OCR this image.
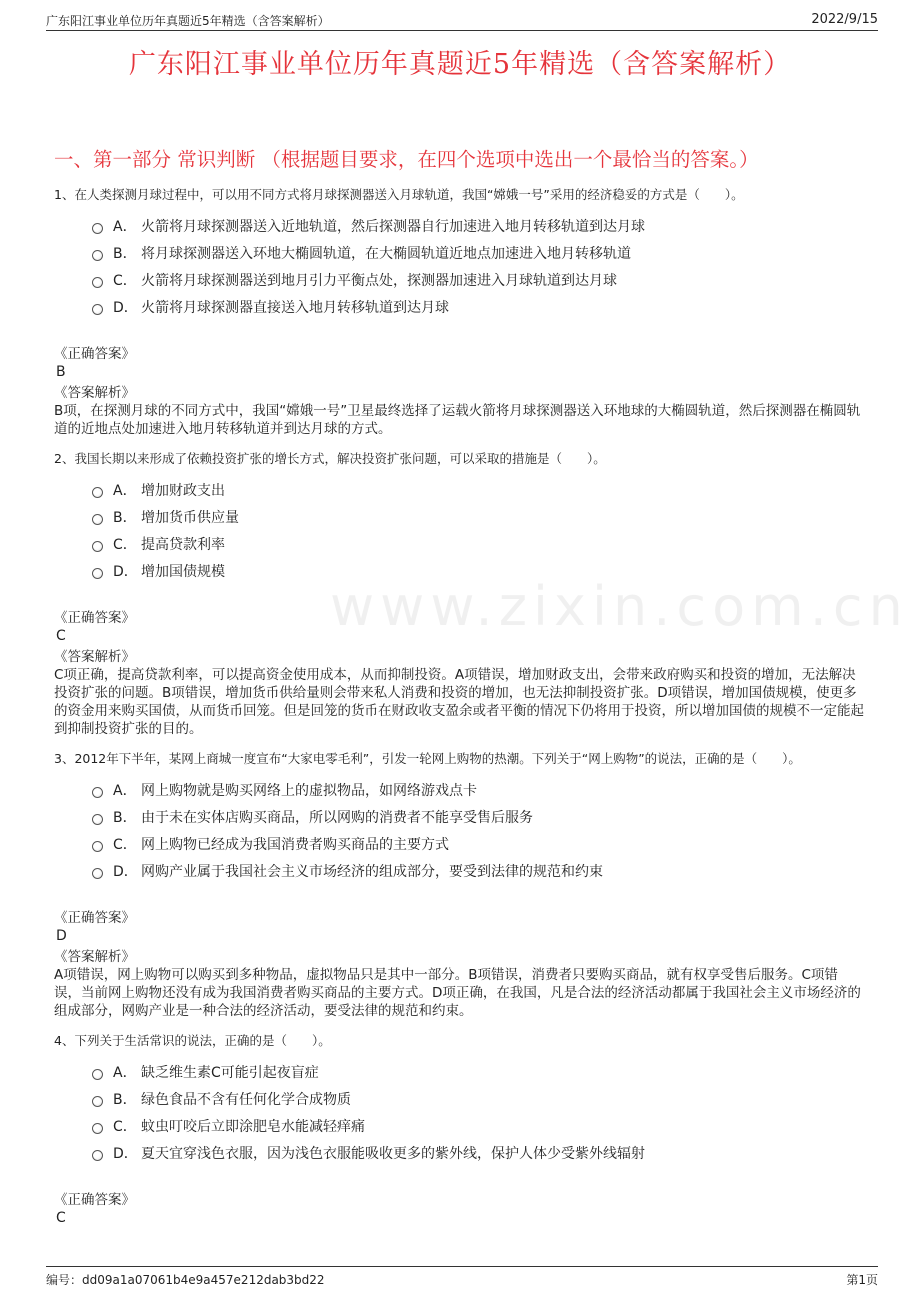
广东阳江事业单位历年真题近5年精选（含答案解析）	2022/9/15
广东阳江事业单位历年真题近5年精选（含答案解析）
一、第一部分 常识判断 （根据题目要求，在四个选项中选出一个最恰当的答案。）
www.zixin.com.cn
1、在人类探测月球过程中，可以用不同方式将月球探测器送入月球轨道，我国“嫦娥一号”采用的经济稳妥的方式是（　　）。
A． 火箭将月球探测器送入近地轨道，然后探测器自行加速进入地月转移轨道到达月球
B． 将月球探测器送入环地大椭圆轨道，在大椭圆轨道近地点加速进入地月转移轨道
C． 火箭将月球探测器送到地月引力平衡点处，探测器加速进入月球轨道到达月球
D． 火箭将月球探测器直接送入地月转移轨道到达月球
《正确答案》
B
《答案解析》
B项，在探测月球的不同方式中，我国“嫦娥一号”卫星最终选择了运载火箭将月球探测器送入环地球的大椭圆轨道，然后探测器在椭圆轨道的近地点处加速进入地月转移轨道并到达月球的方式。
2、我国长期以来形成了依赖投资扩张的增长方式，解决投资扩张问题，可以采取的措施是（　　）。
A． 增加财政支出
B． 增加货币供应量
C． 提高贷款利率
D． 增加国债规模
《正确答案》
C
《答案解析》
C项正确，提高贷款利率，可以提高资金使用成本，从而抑制投资。A项错误，增加财政支出，会带来政府购买和投资的增加，无法解决投资扩张的问题。B项错误，增加货币供给量则会带来私人消费和投资的增加，也无法抑制投资扩张。D项错误，增加国债规模，使更多的资金用来购买国债，从而货币回笼。但是回笼的货币在财政收支盈余或者平衡的情况下仍将用于投资，所以增加国债的规模不一定能起到抑制投资扩张的目的。
3、2012年下半年，某网上商城一度宣布“大家电零毛利”，引发一轮网上购物的热潮。下列关于“网上购物”的说法，正确的是（　　）。
A． 网上购物就是购买网络上的虚拟物品，如网络游戏点卡
B． 由于未在实体店购买商品，所以网购的消费者不能享受售后服务
C． 网上购物已经成为我国消费者购买商品的主要方式
D． 网购产业属于我国社会主义市场经济的组成部分，要受到法律的规范和约束
《正确答案》
D
《答案解析》
A项错误，网上购物可以购买到多种物品，虚拟物品只是其中一部分。B项错误，消费者只要购买商品，就有权享受售后服务。C项错误，当前网上购物还没有成为我国消费者购买商品的主要方式。D项正确，在我国，凡是合法的经济活动都属于我国社会主义市场经济的组成部分，网购产业是一种合法的经济活动，要受法律的规范和约束。
4、下列关于生活常识的说法，正确的是（　　）。
A． 缺乏维生素C可能引起夜盲症
B． 绿色食品不含有任何化学合成物质
C． 蚊虫叮咬后立即涂肥皂水能减轻痒痛
D． 夏天宜穿浅色衣服，因为浅色衣服能吸收更多的紫外线，保护人体少受紫外线辐射
《正确答案》
C
编号：dd09a1a07061b4e9a457e212dab3bd22	第1页
